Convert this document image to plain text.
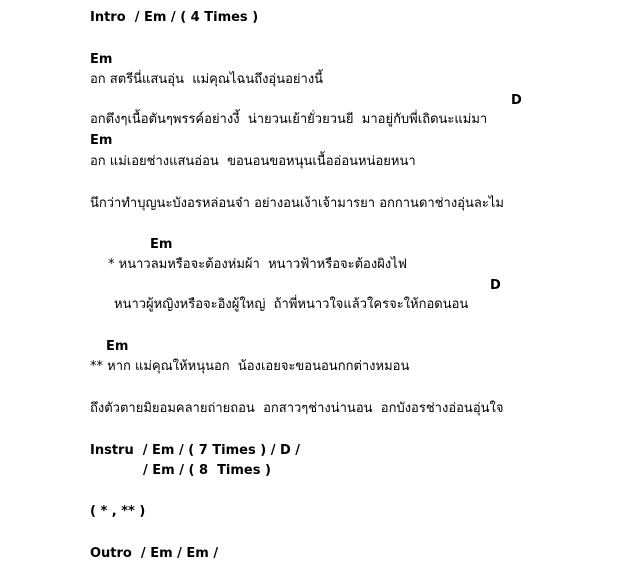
Intro  / Em / ( 4 Times )
Em
อก สตรีนี่แสนอุ่น  แม่คุณไฉนถึงอุ่นอย่างนี้
D
อกตึงๆเนื้อตันๆพรรค์อย่างงี้  น่ายวนเย้ายั่วยวนยี  มาอยู่กับพี่เถิดนะแม่มา
Em
อก แม่เอยช่างแสนอ่อน  ขอนอนขอหนุนเนื้ออ่อนหน่อยหนา
นึกว่าทำบุญนะบังอรหล่อนจ๋า อย่างอนเง้าเจ้ามารยา อกกานดาช่างอุ่นละไม
Em
* หนาวลมหรือจะต้องห่มผ้า  หนาวฟ้าหรือจะต้องผิงไฟ
D
หนาวผู้หญิงหรือจะอิงผู้ใหญ่  ถ้าพี่หนาวใจแล้วใครจะให้กอดนอน
Em
** หาก แม่คุณให้หนุนอก  น้องเอยจะขอนอนกกต่างหมอน
ถึงตัวตายมิยอมคลายถ่ายถอน  อกสาวๆช่างน่านอน  อกบังอรช่างอ่อนอุ่นใจ
Instru  / Em / ( 7 Times ) / D /
/ Em / ( 8  Times )
( * , ** )
Outro  / Em / Em /
